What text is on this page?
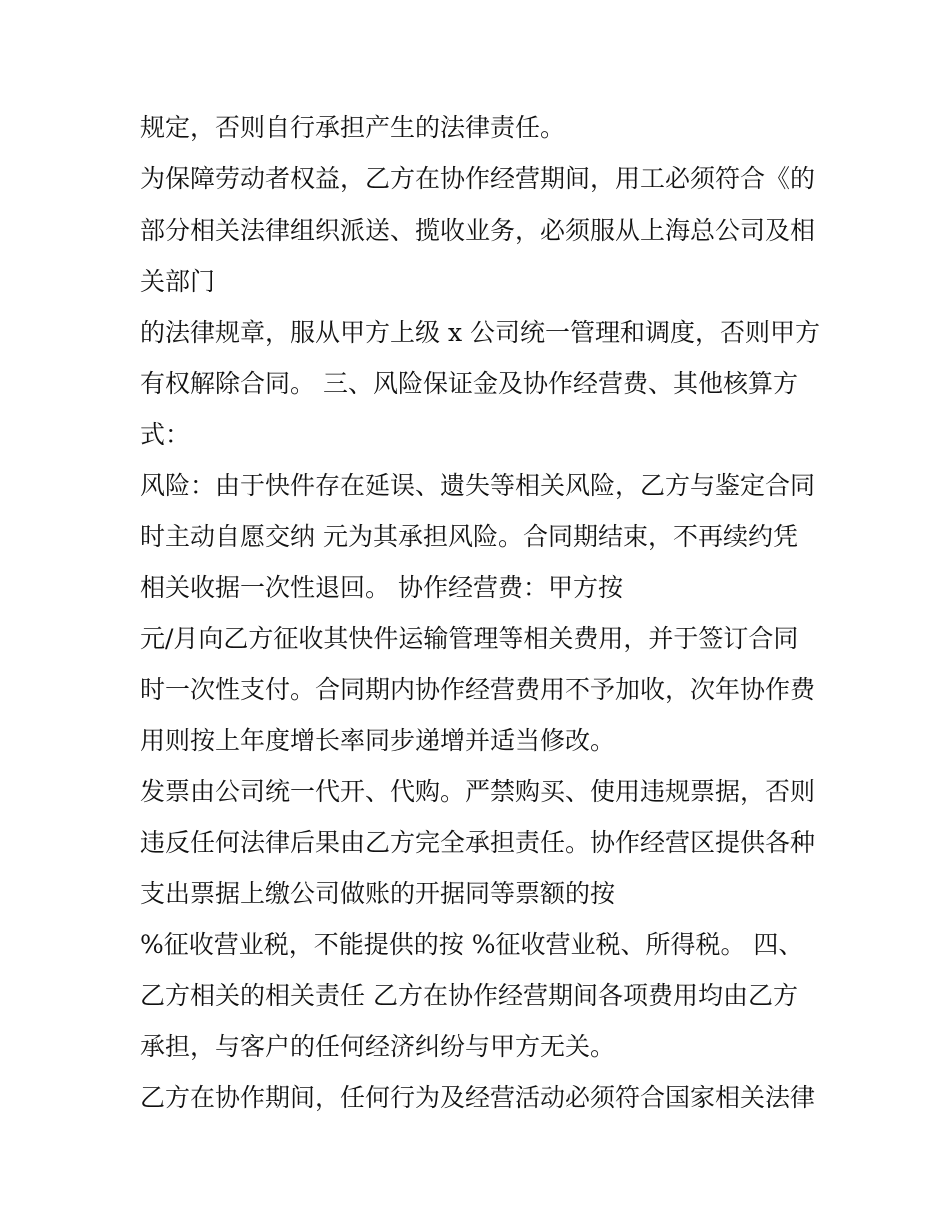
规定，否则自行承担产生的法律责任。
为保障劳动者权益，乙方在协作经营期间，用工必须符合《的
部分相关法律组织派送、揽收业务，必须服从上海总公司及相
关部门
的法律规章，服从甲方上级 x 公司统一管理和调度，否则甲方
有权解除合同。 三、风险保证金及协作经营费、其他核算方
式：
风险：由于快件存在延误、遗失等相关风险，乙方与鉴定合同
时主动自愿交纳 元为其承担风险。合同期结束，不再续约凭
相关收据一次性退回。 协作经营费：甲方按
元/月向乙方征收其快件运输管理等相关费用，并于签订合同
时一次性支付。合同期内协作经营费用不予加收，次年协作费
用则按上年度增长率同步递增并适当修改。
发票由公司统一代开、代购。严禁购买、使用违规票据，否则
违反任何法律后果由乙方完全承担责任。协作经营区提供各种
支出票据上缴公司做账的开据同等票额的按
%征收营业税，不能提供的按 %征收营业税、所得税。 四、
乙方相关的相关责任 乙方在协作经营期间各项费用均由乙方
承担，与客户的任何经济纠纷与甲方无关。
乙方在协作期间，任何行为及经营活动必须符合国家相关法律
